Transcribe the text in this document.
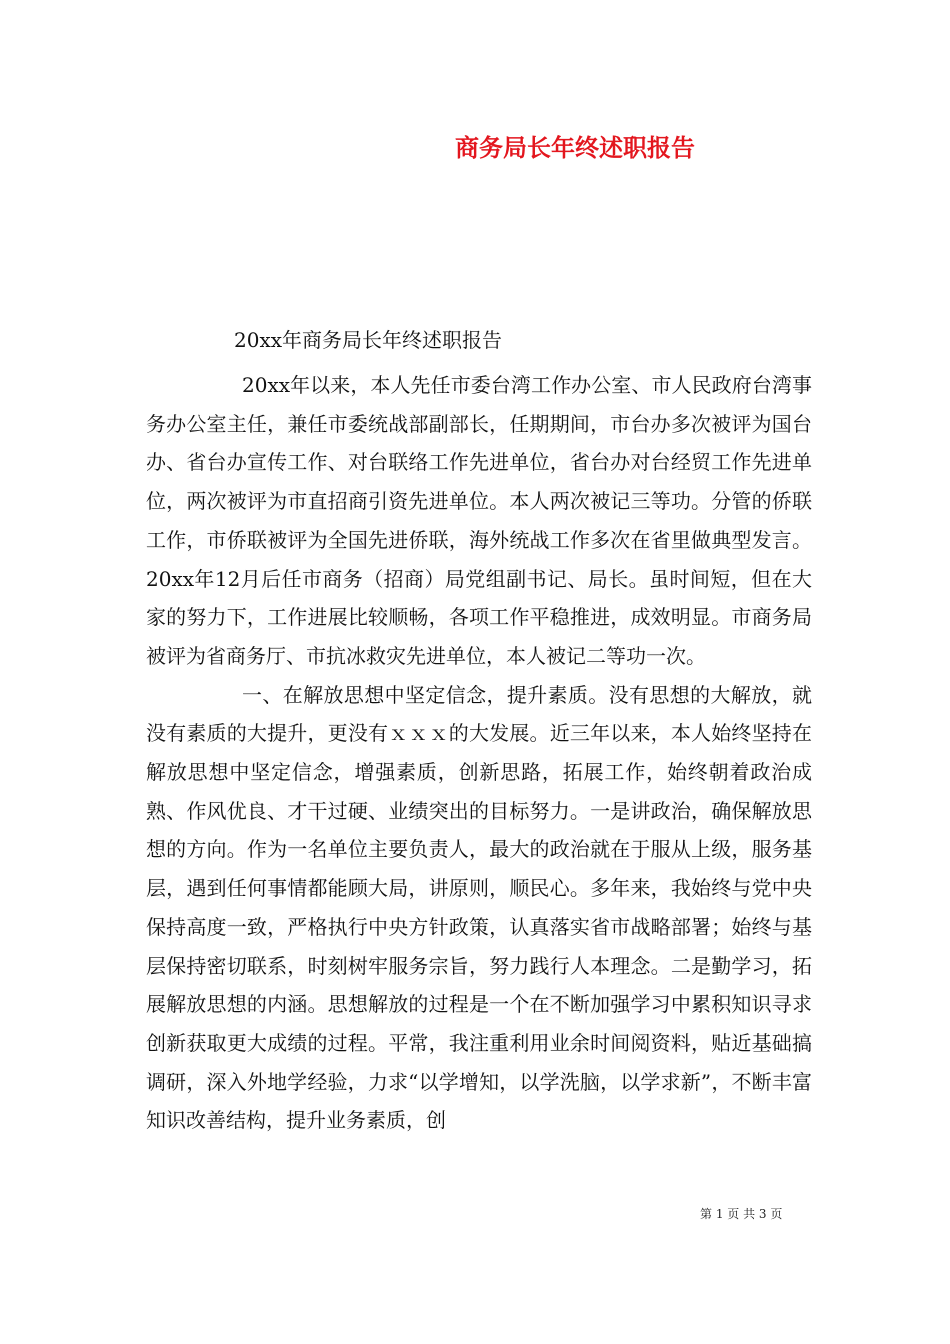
商务局长年终述职报告
20xx年商务局长年终述职报告

20xx年以来，本人先任市委台湾工作办公室、市人民政府台湾事务办公室主任，兼任市委统战部副部长，任期期间，市台办多次被评为国台办、省台办宣传工作、对台联络工作先进单位，省台办对台经贸工作先进单位，两次被评为市直招商引资先进单位。本人两次被记三等功。分管的侨联工作，市侨联被评为全国先进侨联，海外统战工作多次在省里做典型发言。20xx年12月后任市商务（招商）局党组副书记、局长。虽时间短，但在大家的努力下，工作进展比较顺畅，各项工作平稳推进，成效明显。市商务局被评为省商务厅、市抗冰救灾先进单位，本人被记二等功一次。

一、在解放思想中坚定信念，提升素质。没有思想的大解放，就没有素质的大提升，更没有ｘｘｘ的大发展。近三年以来，本人始终坚持在解放思想中坚定信念，增强素质，创新思路，拓展工作，始终朝着政治成熟、作风优良、才干过硬、业绩突出的目标努力。一是讲政治，确保解放思想的方向。作为一名单位主要负责人，最大的政治就在于服从上级，服务基层，遇到任何事情都能顾大局，讲原则，顺民心。多年来，我始终与党中央保持高度一致，严格执行中央方针政策，认真落实省市战略部署；始终与基层保持密切联系，时刻树牢服务宗旨，努力践行人本理念。二是勤学习，拓展解放思想的内涵。思想解放的过程是一个在不断加强学习中累积知识寻求创新获取更大成绩的过程。平常，我注重利用业余时间阅资料，贴近基础搞调研，深入外地学经验，力求“以学增知，以学洗脑，以学求新”，不断丰富知识改善结构，提升业务素质，创

第 1 页 共 3 页
